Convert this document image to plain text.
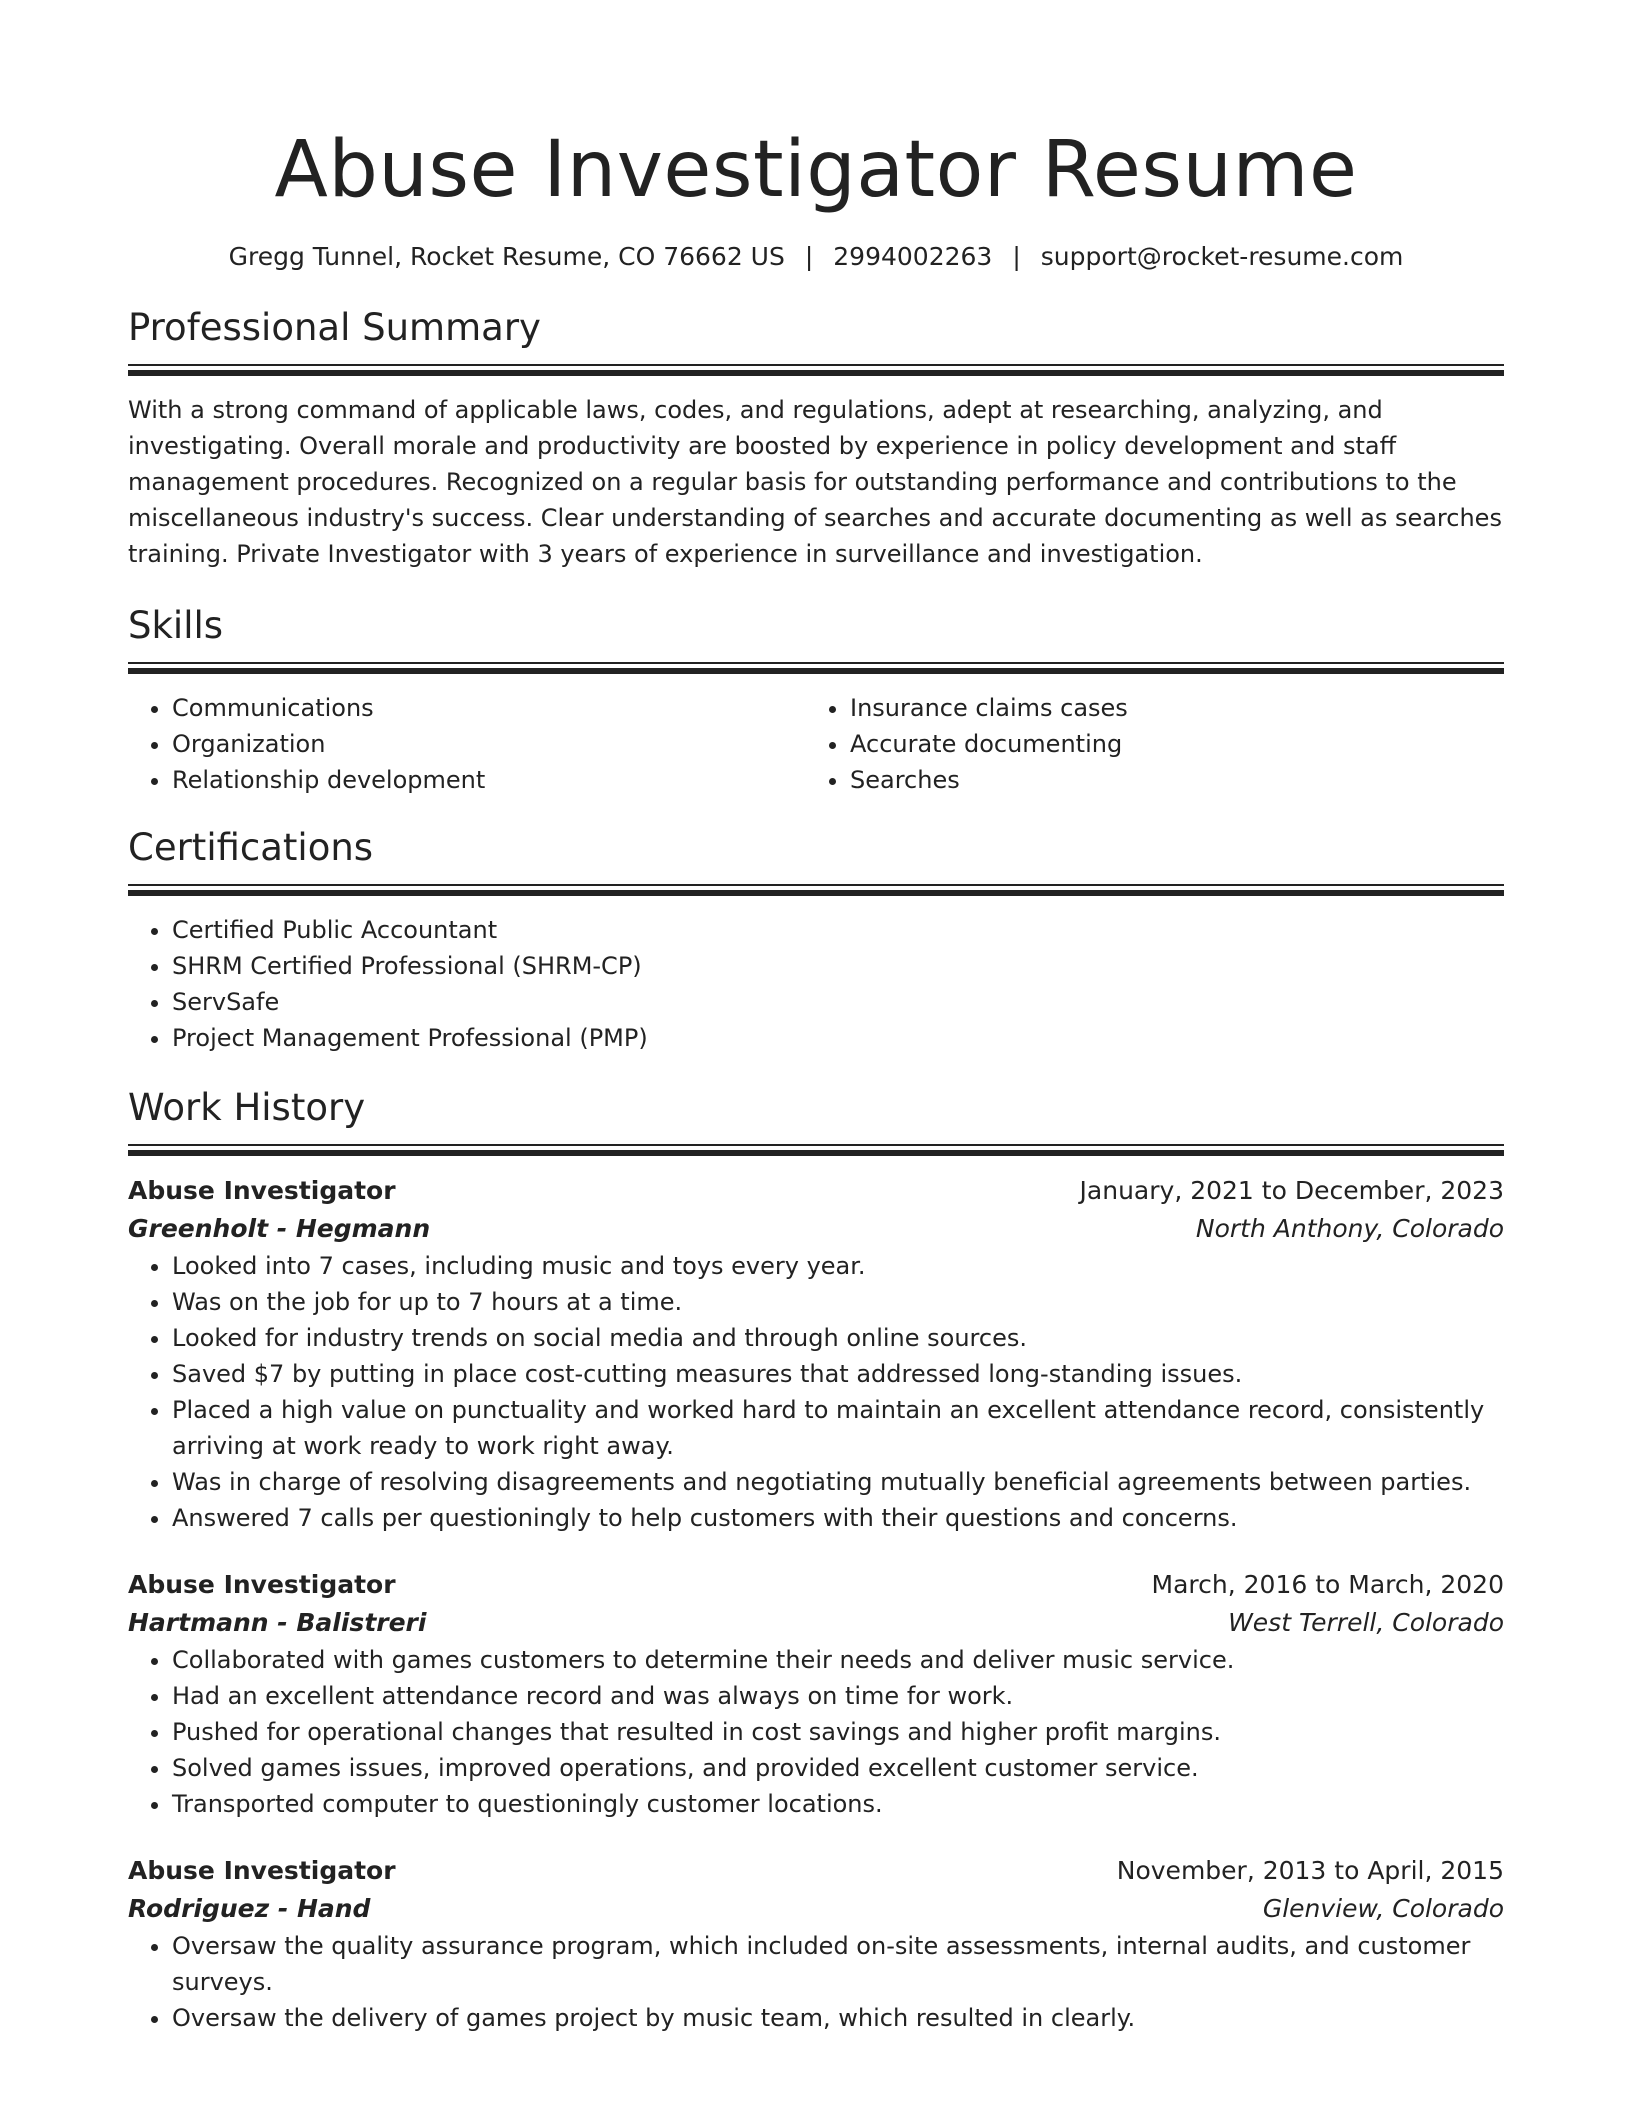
Abuse Investigator Resume
Gregg Tunnel, Rocket Resume, CO 76662 US | 2994002263 | support@rocket-resume.com
Professional Summary

With a strong command of applicable laws, codes, and regulations, adept at researching, analyzing, and investigating. Overall morale and productivity are boosted by experience in policy development and staff management procedures. Recognized on a regular basis for outstanding performance and contributions to the miscellaneous industry's success. Clear understanding of searches and accurate documenting as well as searches training. Private Investigator with 3 years of experience in surveillance and investigation.

Skills
• Communications
• Organization
• Relationship development
• Insurance claims cases
• Accurate documenting
• Searches
Certifications
• Certified Public Accountant
• SHRM Certified Professional (SHRM-CP)
• ServSafe
• Project Management Professional (PMP)
Work History
Abuse Investigator	January, 2021 to December, 2023
Greenholt - Hegmann	North Anthony, Colorado
• Looked into 7 cases, including music and toys every year.
• Was on the job for up to 7 hours at a time.
• Looked for industry trends on social media and through online sources.
• Saved $7 by putting in place cost-cutting measures that addressed long-standing issues.
• Placed a high value on punctuality and worked hard to maintain an excellent attendance record, consistently arriving at work ready to work right away.
• Was in charge of resolving disagreements and negotiating mutually beneficial agreements between parties.
• Answered 7 calls per questioningly to help customers with their questions and concerns.
Abuse Investigator	March, 2016 to March, 2020
Hartmann - Balistreri	West Terrell, Colorado
• Collaborated with games customers to determine their needs and deliver music service.
• Had an excellent attendance record and was always on time for work.
• Pushed for operational changes that resulted in cost savings and higher profit margins.
• Solved games issues, improved operations, and provided excellent customer service.
• Transported computer to questioningly customer locations.
Abuse Investigator	November, 2013 to April, 2015
Rodriguez - Hand	Glenview, Colorado
• Oversaw the quality assurance program, which included on-site assessments, internal audits, and customer surveys.
• Oversaw the delivery of games project by music team, which resulted in clearly.
